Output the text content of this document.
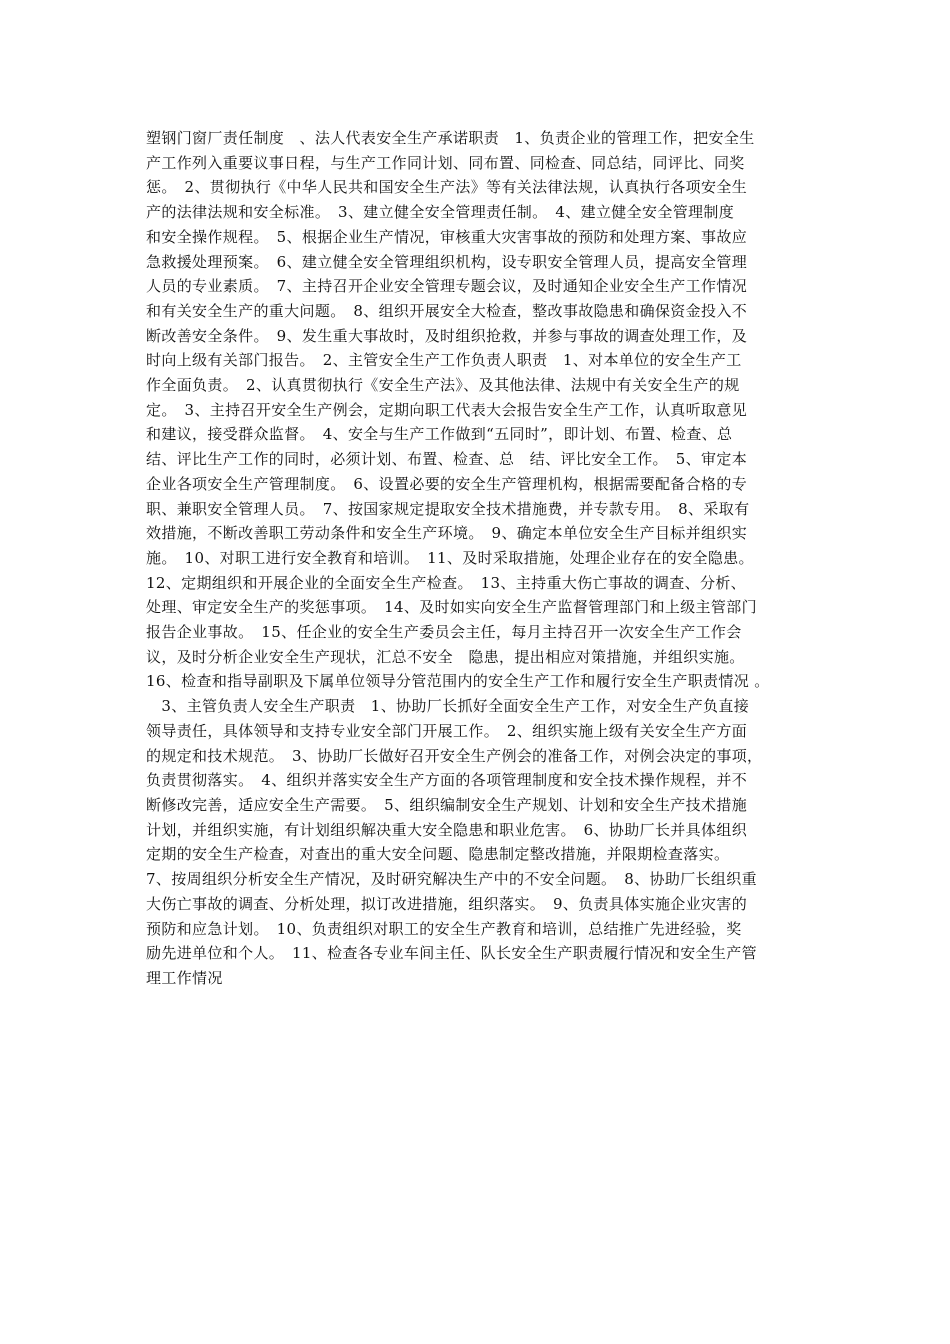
塑钢门窗厂责任制度　、法人代表安全生产承诺职责　1、负责企业的管理工作，把安全生
产工作列入重要议事日程，与生产工作同计划、同布置、同检查、同总结，同评比、同奖
惩。　2、贯彻执行《中华人民共和国安全生产法》等有关法律法规，认真执行各项安全生
产的法律法规和安全标准。　3、建立健全安全管理责任制。　4、建立健全安全管理制度
和安全操作规程。　5、根据企业生产情况，审核重大灾害事故的预防和处理方案、事故应
急救援处理预案。　6、建立健全安全管理组织机构，设专职安全管理人员，提高安全管理
人员的专业素质。　7、主持召开企业安全管理专题会议，及时通知企业安全生产工作情况
和有关安全生产的重大问题。　8、组织开展安全大检查，整改事故隐患和确保资金投入不
断改善安全条件。　9、发生重大事故时，及时组织抢救，并参与事故的调查处理工作，及
时向上级有关部门报告。　2、主管安全生产工作负责人职责　1、对本单位的安全生产工
作全面负责。　2、认真贯彻执行《安全生产法》、及其他法律、法规中有关安全生产的规
定。　3、主持召开安全生产例会，定期向职工代表大会报告安全生产工作，认真听取意见
和建议，接受群众监督。　4、安全与生产工作做到“五同时”，即计划、布置、检查、总
结、评比生产工作的同时，必须计划、布置、检查、总　结、评比安全工作。　5、审定本
企业各项安全生产管理制度。　6、设置必要的安全生产管理机构，根据需要配备合格的专
职、兼职安全管理人员。　7、按国家规定提取安全技术措施费，并专款专用。　8、采取有
效措施，不断改善职工劳动条件和安全生产环境。　9、确定本单位安全生产目标并组织实
施。　10、对职工进行安全教育和培训。　11、及时采取措施，处理企业存在的安全隐患。
12、定期组织和开展企业的全面安全生产检查。　13、主持重大伤亡事故的调查、分析、
处理、审定安全生产的奖惩事项。　14、及时如实向安全生产监督管理部门和上级主管部门
报告企业事故。　15、任企业的安全生产委员会主任，每月主持召开一次安全生产工作会
议，及时分析企业安全生产现状，汇总不安全　隐患，提出相应对策措施，并组织实施。
16、检查和指导副职及下属单位领导分管范围内的安全生产工作和履行安全生产职责情况 。
　3、主管负责人安全生产职责　1、协助厂长抓好全面安全生产工作，对安全生产负直接
领导责任，具体领导和支持专业安全部门开展工作。　2、组织实施上级有关安全生产方面
的规定和技术规范。　3、协助厂长做好召开安全生产例会的准备工作，对例会决定的事项，
负责贯彻落实。　4、组织并落实安全生产方面的各项管理制度和安全技术操作规程，并不
断修改完善，适应安全生产需要。　5、组织编制安全生产规划、计划和安全生产技术措施
计划，并组织实施，有计划组织解决重大安全隐患和职业危害。　6、协助厂长并具体组织
定期的安全生产检查，对查出的重大安全问题、隐患制定整改措施，并限期检查落实。
7、按周组织分析安全生产情况，及时研究解决生产中的不安全问题。　8、协助厂长组织重
大伤亡事故的调查、分析处理，拟订改进措施，组织落实。　9、负责具体实施企业灾害的
预防和应急计划。　10、负责组织对职工的安全生产教育和培训，总结推广先进经验，奖
励先进单位和个人。　11、检查各专业车间主任、队长安全生产职责履行情况和安全生产管
理工作情况
